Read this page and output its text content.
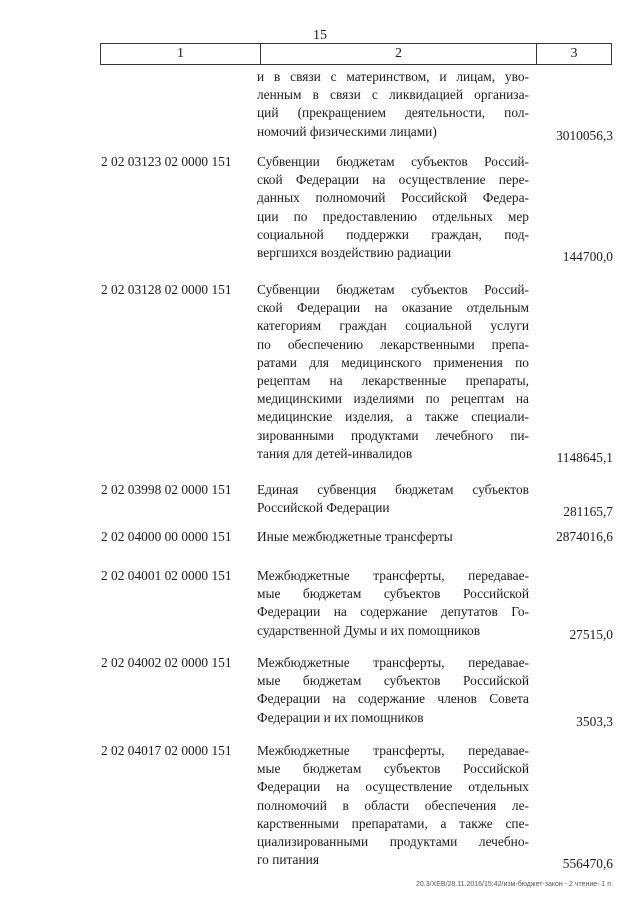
15
1	2	3
и в связи с материнством, и лицам, уво-
ленным в связи с ликвидацией организа-
ций (прекращением деятельности, пол-
номочий физическими лицами)	3010056,3
2 02 03123 02 0000 151 Субвенции бюджетам субъектов Россий-
ской Федерации на осуществление пере-
данных полномочий Российской Федера-
ции по предоставлению отдельных мер
социальной поддержки граждан, под-
вергшихся воздействию радиации	144700,0
2 02 03128 02 0000 151 Субвенции бюджетам субъектов Россий-
ской Федерации на оказание отдельным
категориям граждан социальной услуги
по обеспечению лекарственными препа-
ратами для медицинского применения по
рецептам на лекарственные препараты,
медицинскими изделиями по рецептам на
медицинские изделия, а также специали-
зированными продуктами лечебного пи-
тания для детей-инвалидов	1148645,1
2 02 03998 02 0000 151 Единая субвенция бюджетам субъектов
Российской Федерации	281165,7
2 02 04000 00 0000 151 Иные межбюджетные трансферты	2874016,6
2 02 04001 02 0000 151 Межбюджетные трансферты, передавае-
мые бюджетам субъектов Российской
Федерации на содержание депутатов Го-
сударственной Думы и их помощников	27515,0
2 02 04002 02 0000 151 Межбюджетные трансферты, передавае-
мые бюджетам субъектов Российской
Федерации на содержание членов Совета
Федерации и их помощников	3503,3
2 02 04017 02 0000 151 Межбюджетные трансферты, передавае-
мые бюджетам субъектов Российской
Федерации на осуществление отдельных
полномочий в области обеспечения ле-
карственными препаратами, а также спе-
циализированными продуктами лечебно-
го питания	556470,6
20.3/XEB/28.11.2016/15:42/изм-бюджет-закон - 2 чтение- 1 п.
